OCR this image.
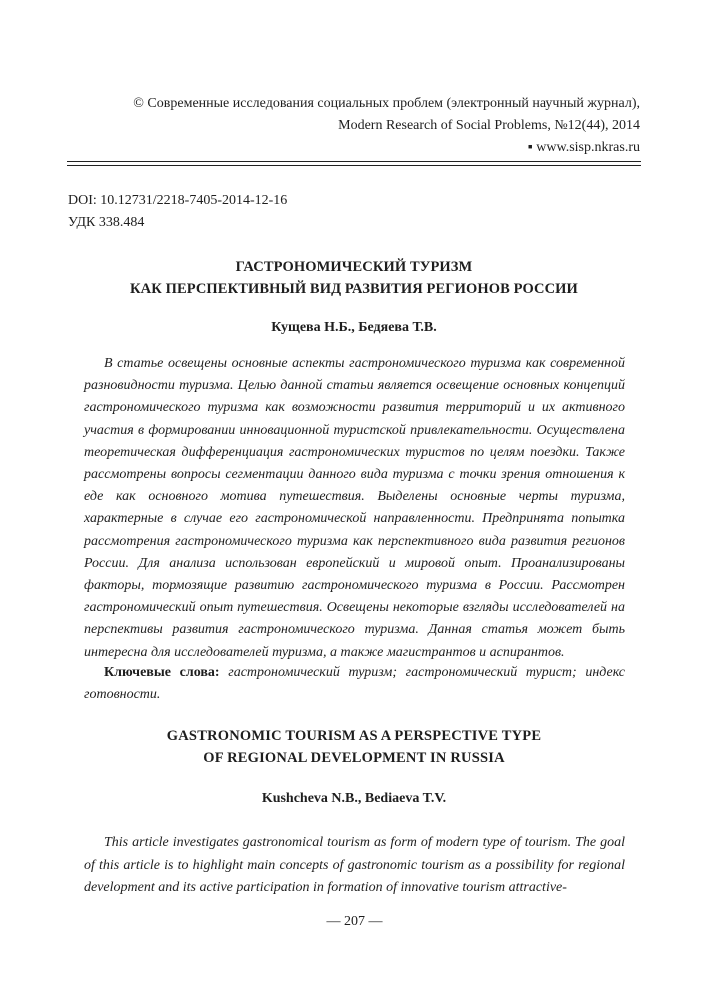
© Современные исследования социальных проблем (электронный научный журнал),
Modern Research of Social Problems, №12(44), 2014
▪ www.sisp.nkras.ru
DOI: 10.12731/2218-7405-2014-12-16
УДК 338.484
ГАСТРОНОМИЧЕСКИЙ ТУРИЗМ
КАК ПЕРСПЕКТИВНЫЙ ВИД РАЗВИТИЯ РЕГИОНОВ РОССИИ
Кущева Н.Б., Бедяева Т.В.

В статье освещены основные аспекты гастрономического туризма как современной разновидности туризма. Целью данной статьи является освещение основных концепций гастрономического туризма как возможности развития территорий и их активного участия в формировании инновационной туристской привлекательности. Осуществлена теоретическая дифференциация гастрономических туристов по целям поездки. Также рассмотрены вопросы сегментации данного вида туризма с точки зрения отношения к еде как основного мотива путешествия. Выделены основные черты туризма, характерные в случае его гастрономической направленности. Предпринята попытка рассмотрения гастрономического туризма как перспективного вида развития регионов России. Для анализа использован европейский и мировой опыт. Проанализированы факторы, тормозящие развитию гастрономического туризма в России. Рассмотрен гастрономический опыт путешествия. Освещены некоторые взгляды исследователей на перспективы развития гастрономического туризма. Данная статья может быть интересна для исследователей туризма, а также магистрантов и аспирантов.

Ключевые слова: гастрономический туризм; гастрономический турист; индекс готовности.
GASTRONOMIC TOURISM AS A PERSPECTIVE TYPE
OF REGIONAL DEVELOPMENT IN RUSSIA
Kushcheva N.B., Bediaeva T.V.

This article investigates gastronomical tourism as form of modern type of tourism. The goal of this article is to highlight main concepts of gastronomic tourism as a possibility for regional development and its active participation in formation of innovative tourism attractive-

— 207 —
